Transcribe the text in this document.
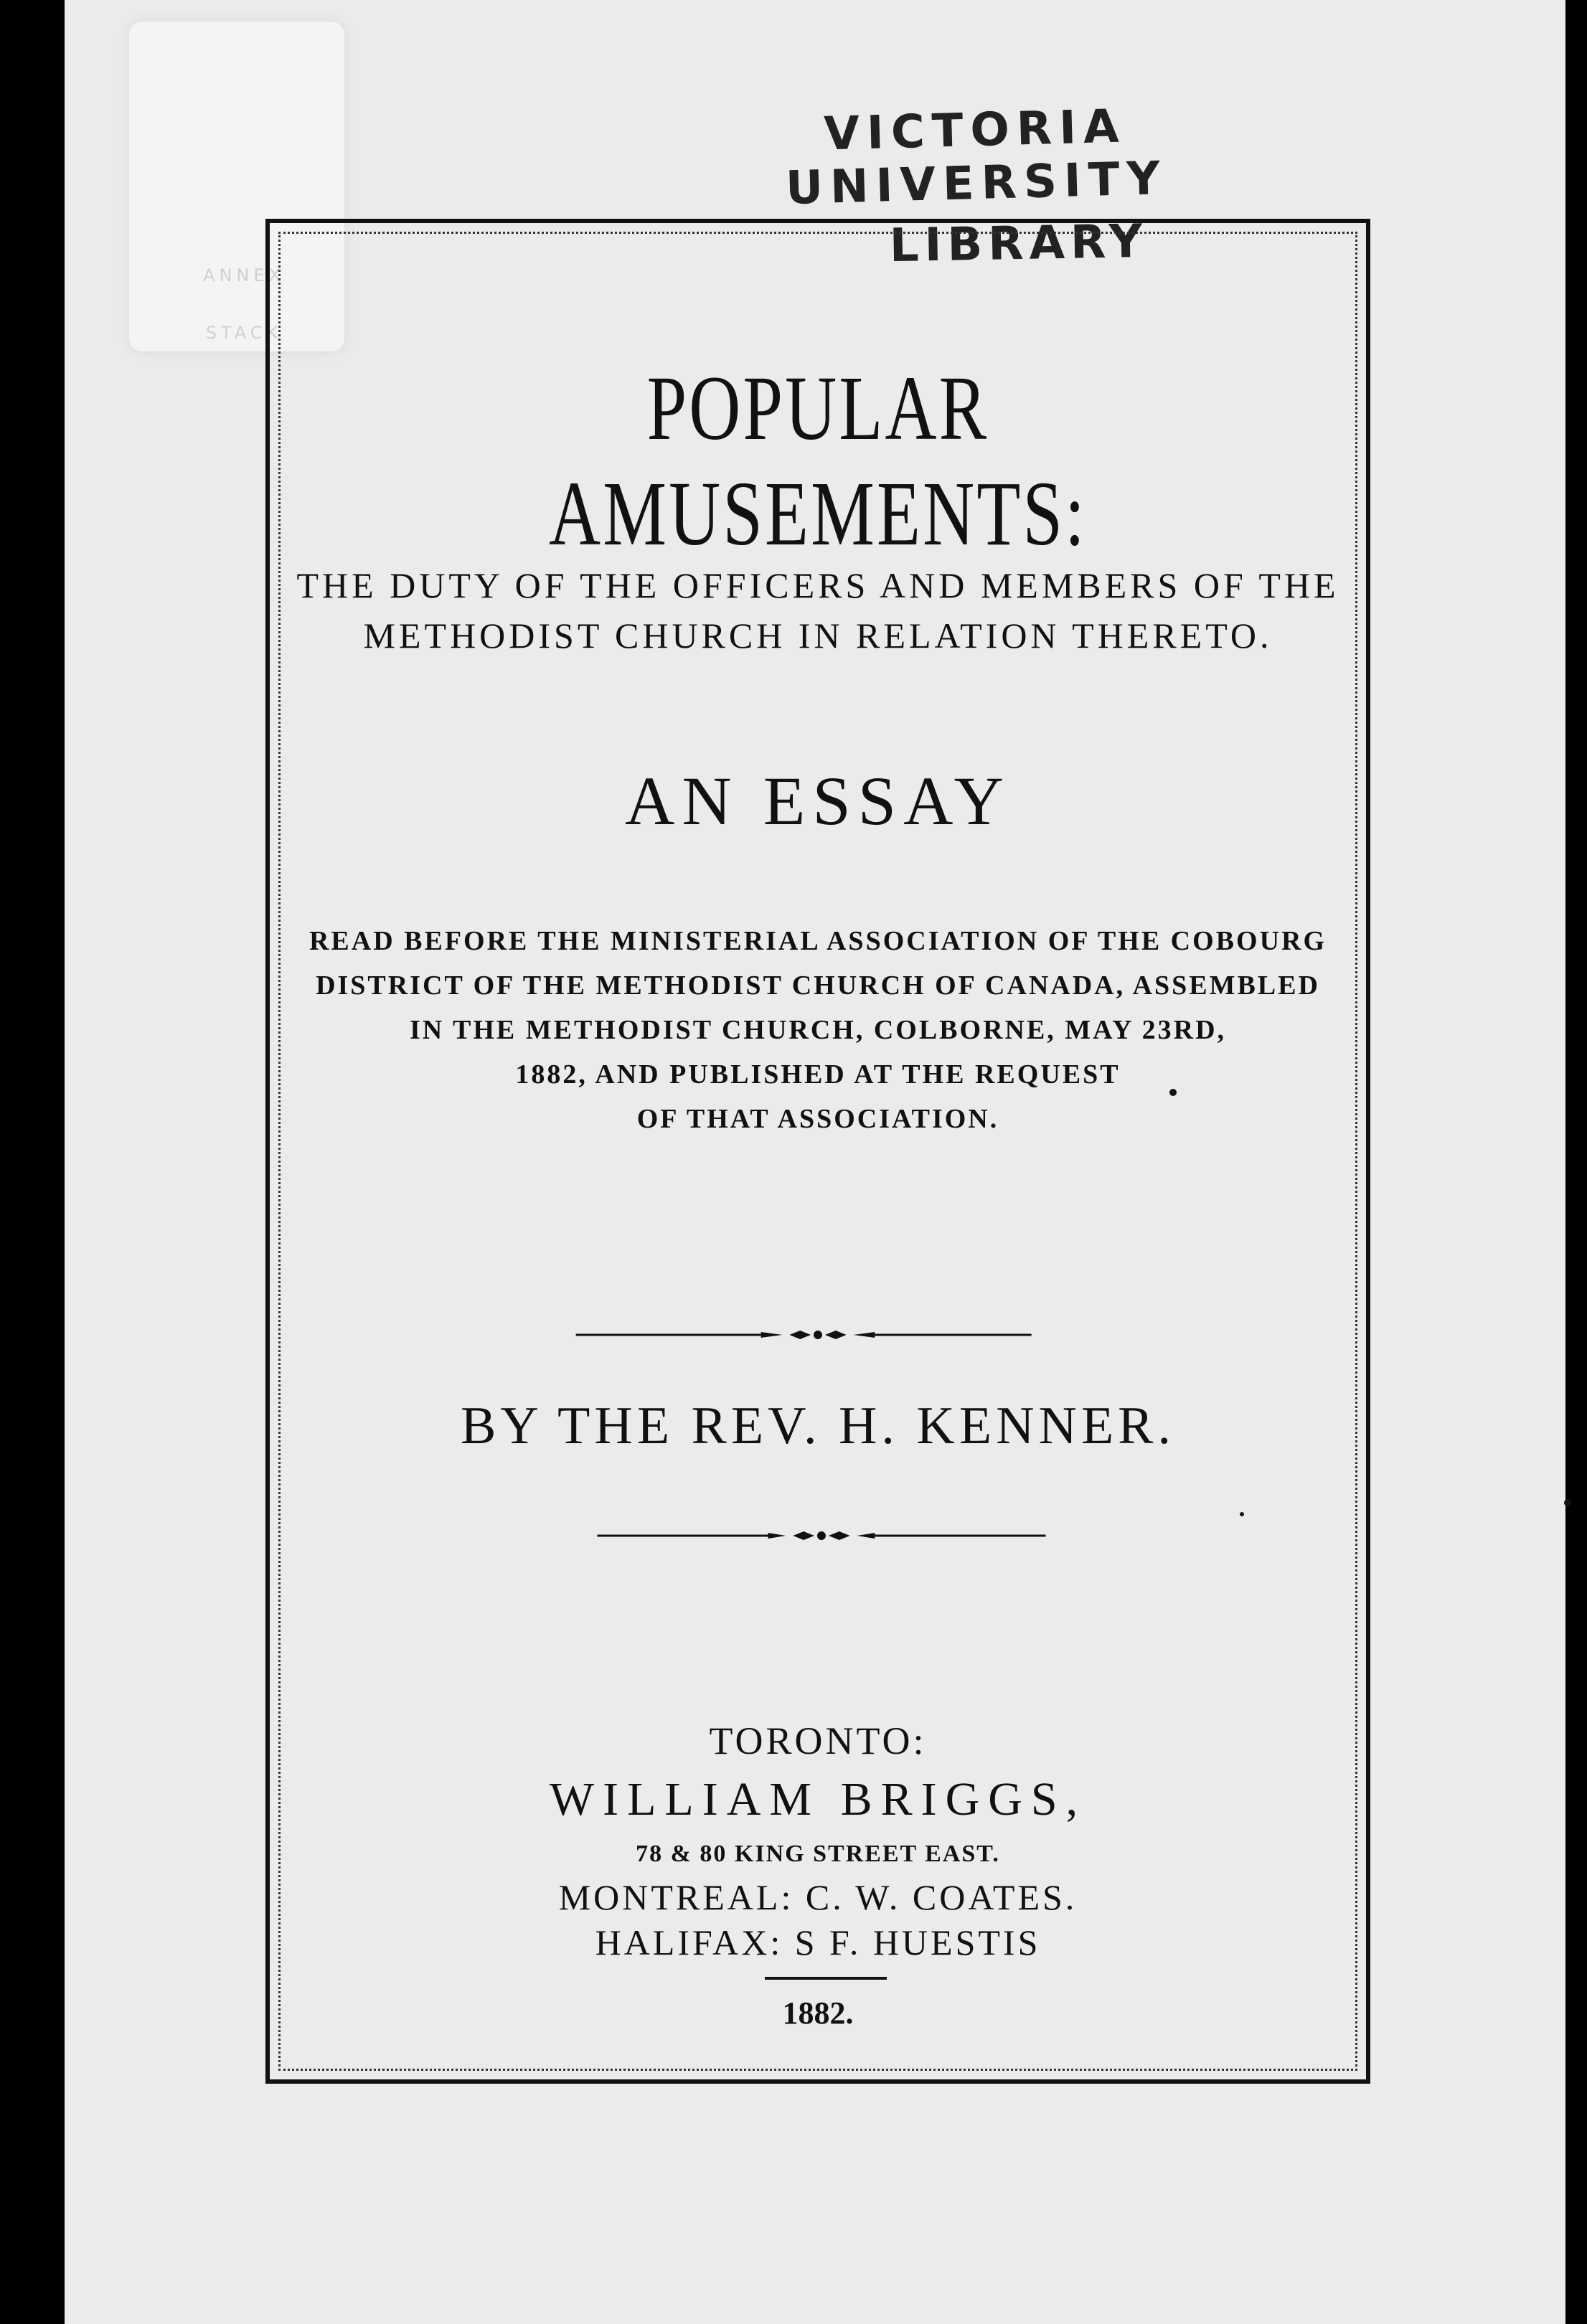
ANNEX
STACK
VICTORIA UNIVERSITY
LIBRARY
POPULAR AMUSEMENTS:
THE DUTY OF THE OFFICERS AND MEMBERS OF THE
METHODIST CHURCH IN RELATION THERETO.
AN ESSAY
READ BEFORE THE MINISTERIAL ASSOCIATION OF THE COBOURG
DISTRICT OF THE METHODIST CHURCH OF CANADA, ASSEMBLED
IN THE METHODIST CHURCH, COLBORNE, MAY 23RD,
1882, AND PUBLISHED AT THE REQUEST
OF THAT ASSOCIATION.
BY THE REV. H. KENNER.
TORONTO:
WILLIAM BRIGGS,
78 & 80 KING STREET EAST.
MONTREAL: C. W. COATES.
HALIFAX: S F. HUESTIS
1882.
